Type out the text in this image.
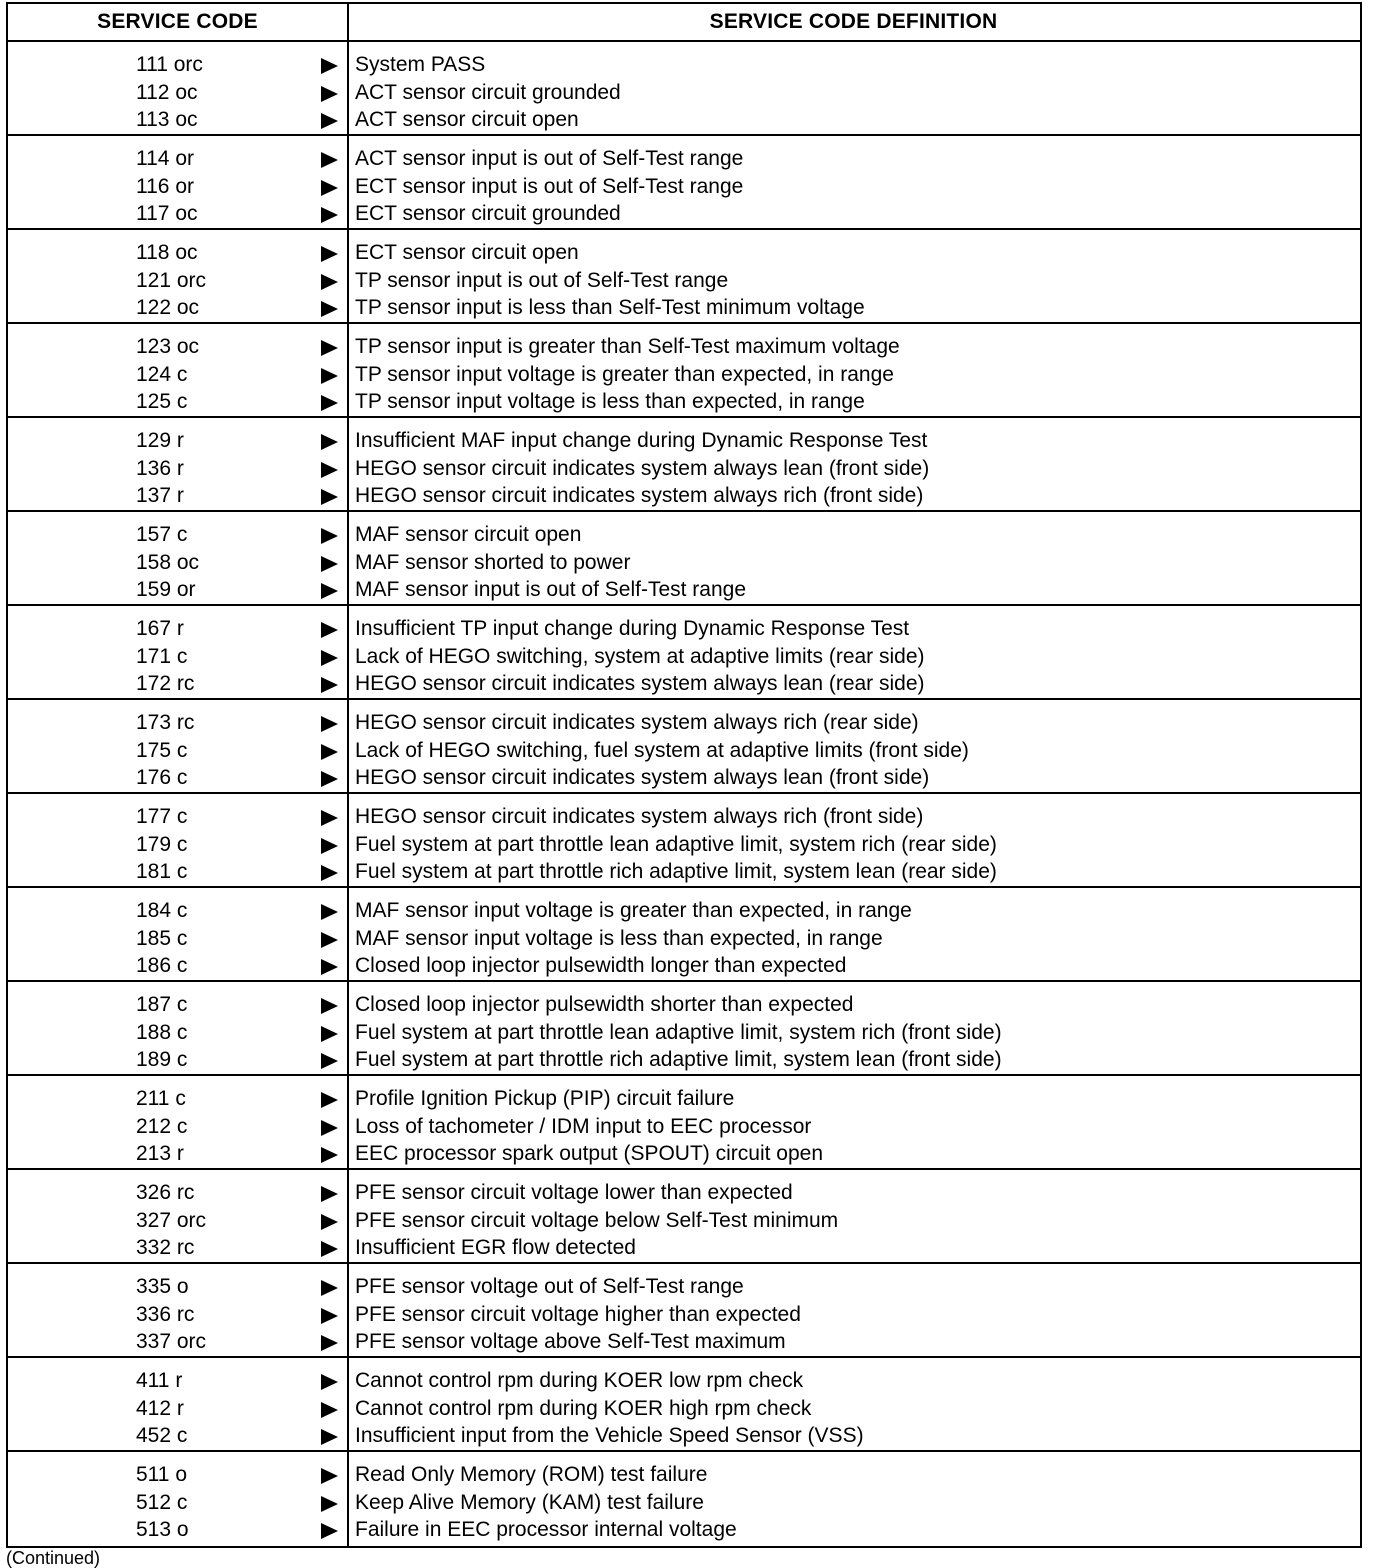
SERVICE CODE	SERVICE CODE DEFINITION
111 orc	System PASS
112 oc	ACT sensor circuit grounded
113 oc	ACT sensor circuit open
114 or	ACT sensor input is out of Self-Test range
116 or	ECT sensor input is out of Self-Test range
117 oc	ECT sensor circuit grounded
118 oc	ECT sensor circuit open
121 orc	TP sensor input is out of Self-Test range
122 oc	TP sensor input is less than Self-Test minimum voltage
123 oc	TP sensor input is greater than Self-Test maximum voltage
124 c	TP sensor input voltage is greater than expected, in range
125 c	TP sensor input voltage is less than expected, in range
129 r	Insufficient MAF input change during Dynamic Response Test
136 r	HEGO sensor circuit indicates system always lean (front side)
137 r	HEGO sensor circuit indicates system always rich (front side)
157 c	MAF sensor circuit open
158 oc	MAF sensor shorted to power
159 or	MAF sensor input is out of Self-Test range
167 r	Insufficient TP input change during Dynamic Response Test
171 c	Lack of HEGO switching, system at adaptive limits (rear side)
172 rc	HEGO sensor circuit indicates system always lean (rear side)
173 rc	HEGO sensor circuit indicates system always rich (rear side)
175 c	Lack of HEGO switching, fuel system at adaptive limits (front side)
176 c	HEGO sensor circuit indicates system always lean (front side)
177 c	HEGO sensor circuit indicates system always rich (front side)
179 c	Fuel system at part throttle lean adaptive limit, system rich (rear side)
181 c	Fuel system at part throttle rich adaptive limit, system lean (rear side)
184 c	MAF sensor input voltage is greater than expected, in range
185 c	MAF sensor input voltage is less than expected, in range
186 c	Closed loop injector pulsewidth longer than expected
187 c	Closed loop injector pulsewidth shorter than expected
188 c	Fuel system at part throttle lean adaptive limit, system rich (front side)
189 c	Fuel system at part throttle rich adaptive limit, system lean (front side)
211 c	Profile Ignition Pickup (PIP) circuit failure
212 c	Loss of tachometer / IDM input to EEC processor
213 r	EEC processor spark output (SPOUT) circuit open
326 rc	PFE sensor circuit voltage lower than expected
327 orc	PFE sensor circuit voltage below Self-Test minimum
332 rc	Insufficient EGR flow detected
335 o	PFE sensor voltage out of Self-Test range
336 rc	PFE sensor circuit voltage higher than expected
337 orc	PFE sensor voltage above Self-Test maximum
411 r	Cannot control rpm during KOER low rpm check
412 r	Cannot control rpm during KOER high rpm check
452 c	Insufficient input from the Vehicle Speed Sensor (VSS)
511 o	Read Only Memory (ROM) test failure
512 c	Keep Alive Memory (KAM) test failure
513 o	Failure in EEC processor internal voltage
(Continued)
